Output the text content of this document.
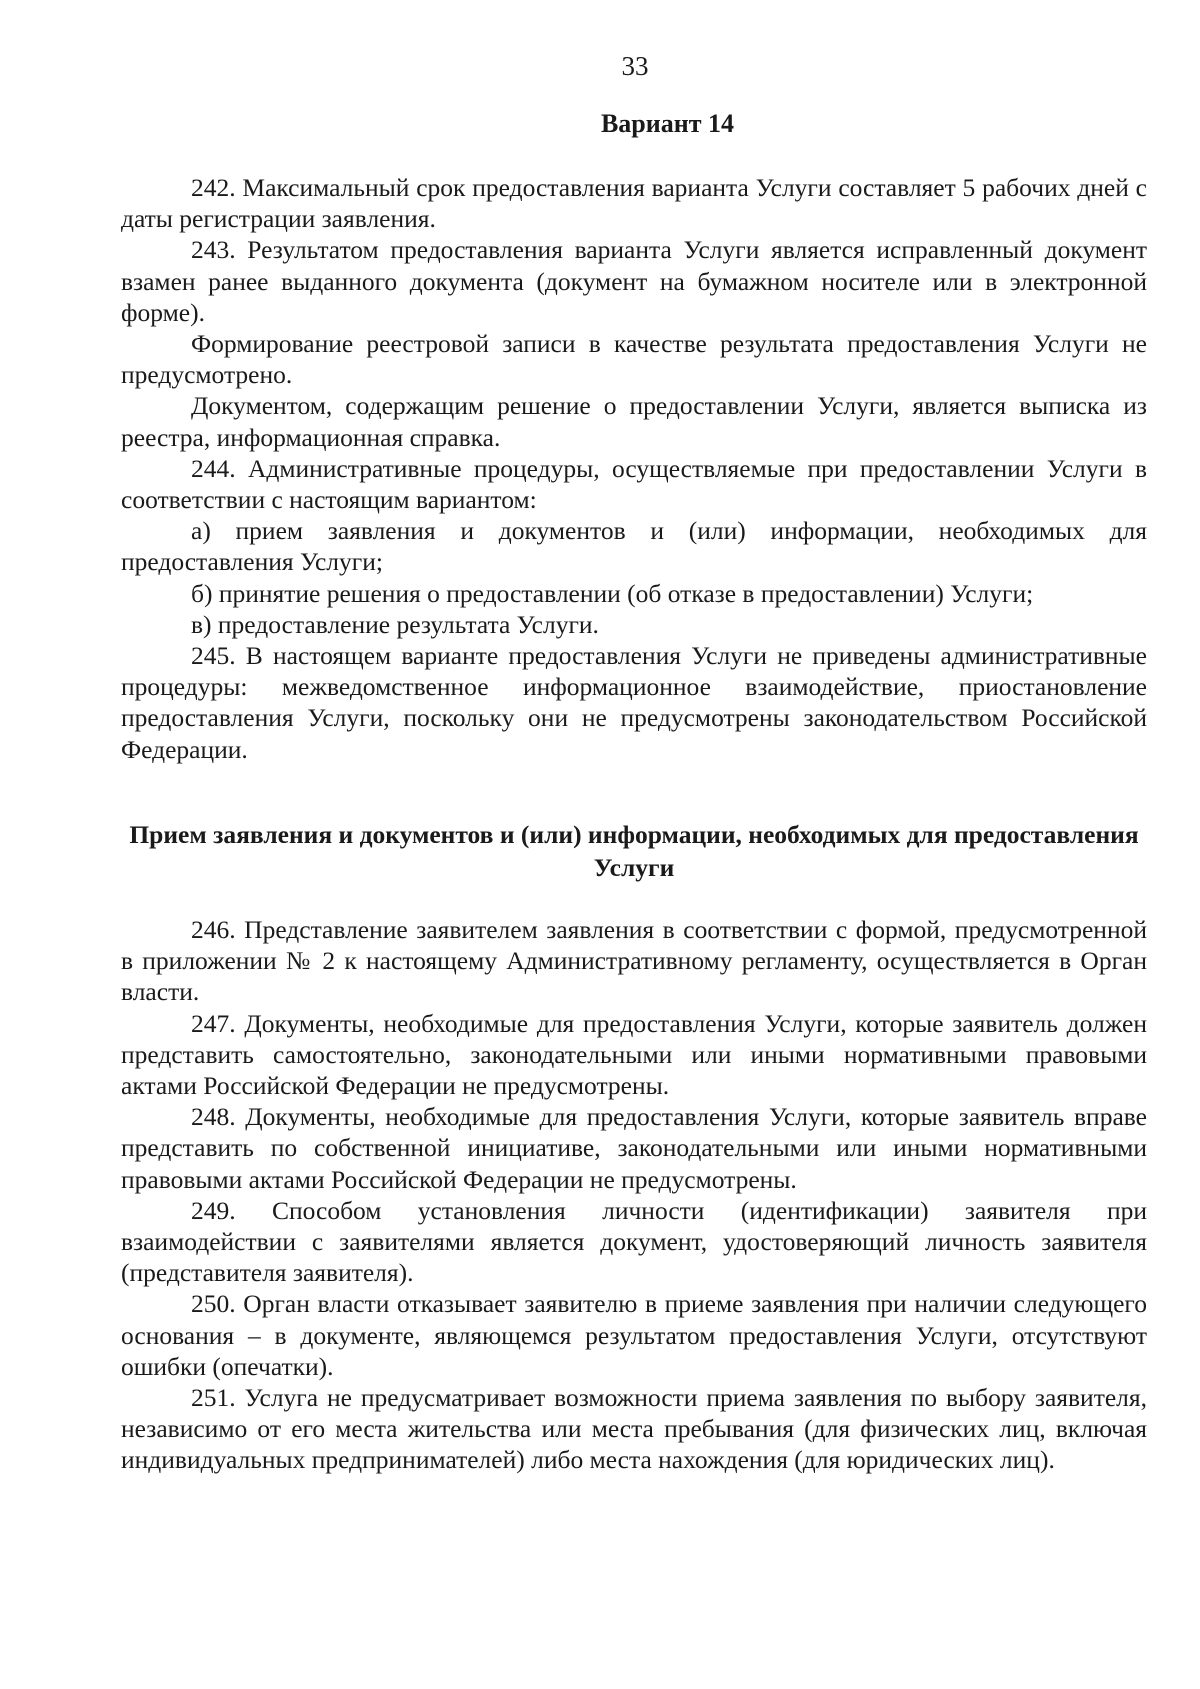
33
Вариант 14

242. Максимальный срок предоставления варианта Услуги составляет 5 рабочих дней с даты регистрации заявления.

243. Результатом предоставления варианта Услуги является исправленный документ взамен ранее выданного документа (документ на бумажном носителе или в электронной форме).

Формирование реестровой записи в качестве результата предоставления Услуги не предусмотрено.

Документом, содержащим решение о предоставлении Услуги, является выписка из реестра, информационная справка.

244. Административные процедуры, осуществляемые при предоставлении Услуги в соответствии с настоящим вариантом:

а) прием заявления и документов и (или) информации, необходимых для предоставления Услуги;

б) принятие решения о предоставлении (об отказе в предоставлении) Услуги;

в) предоставление результата Услуги.

245. В настоящем варианте предоставления Услуги не приведены административные процедуры: межведомственное информационное взаимодействие, приостановление предоставления Услуги, поскольку они не предусмотрены законодательством Российской Федерации.

Прием заявления и документов и (или) информации, необходимых для предоставления Услуги

246. Представление заявителем заявления в соответствии с формой, предусмотренной в приложении № 2 к настоящему Административному регламенту, осуществляется в Орган власти.

247. Документы, необходимые для предоставления Услуги, которые заявитель должен представить самостоятельно, законодательными или иными нормативными правовыми актами Российской Федерации не предусмотрены.

248. Документы, необходимые для предоставления Услуги, которые заявитель вправе представить по собственной инициативе, законодательными или иными нормативными правовыми актами Российской Федерации не предусмотрены.

249. Способом установления личности (идентификации) заявителя при взаимодействии с заявителями является документ, удостоверяющий личность заявителя (представителя заявителя).

250. Орган власти отказывает заявителю в приеме заявления при наличии следующего основания – в документе, являющемся результатом предоставления Услуги, отсутствуют ошибки (опечатки).

251. Услуга не предусматривает возможности приема заявления по выбору заявителя, независимо от его места жительства или места пребывания (для физических лиц, включая индивидуальных предпринимателей) либо места нахождения (для юридических лиц).
